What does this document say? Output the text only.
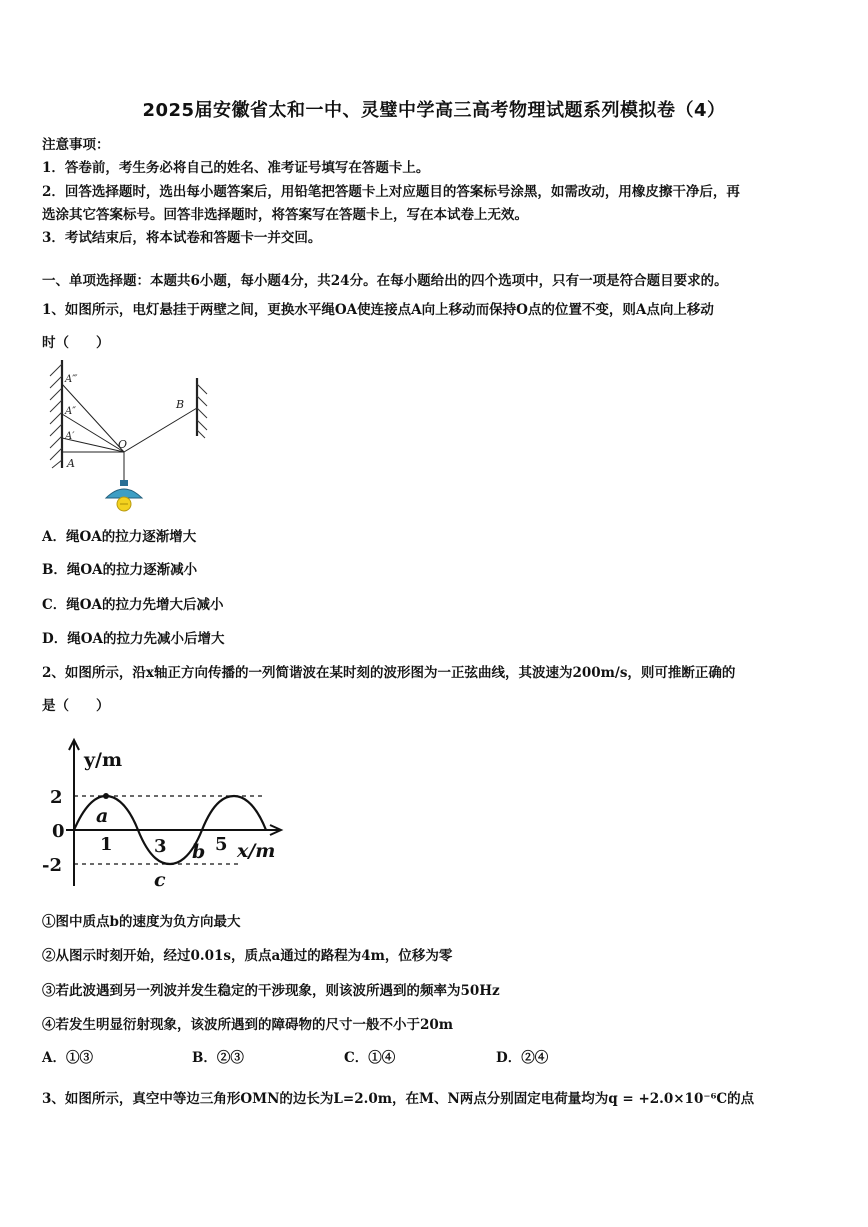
2025届安徽省太和一中、灵璧中学高三高考物理试题系列模拟卷（4）
注意事项：
1．答卷前，考生务必将自己的姓名、准考证号填写在答题卡上。
2．回答选择题时，选出每小题答案后，用铅笔把答题卡上对应题目的答案标号涂黑，如需改动，用橡皮擦干净后，再
选涂其它答案标号。回答非选择题时，将答案写在答题卡上，写在本试卷上无效。
3．考试结束后，将本试卷和答题卡一并交回。
一、单项选择题：本题共6小题，每小题4分，共24分。在每小题给出的四个选项中，只有一项是符合题目要求的。
1、如图所示，电灯悬挂于两壁之间，更换水平绳OA使连接点A向上移动而保持O点的位置不变，则A点向上移动
时（　　）
A‴
A″
A′
O
B
A
A．绳OA的拉力逐渐增大
B．绳OA的拉力逐渐减小
C．绳OA的拉力先增大后减小
D．绳OA的拉力先减小后增大
2、如图所示，沿x轴正方向传播的一列简谐波在某时刻的波形图为一正弦曲线，其波速为200m/s，则可推断正确的
是（　　）
y/m
2
0
-2
1 3	5 x/m
a
b
c
①图中质点b的速度为负方向最大
②从图示时刻开始，经过0.01s，质点a通过的路程为4m，位移为零
③若此波遇到另一列波并发生稳定的干涉现象，则该波所遇到的频率为50Hz
④若发生明显衍射现象，该波所遇到的障碍物的尺寸一般不小于20m
A．①③	B．②③	C．①④	D．②④
3、如图所示，真空中等边三角形OMN的边长为L=2.0m，在M、N两点分别固定电荷量均为q = +2.0×10⁻⁶C的点
